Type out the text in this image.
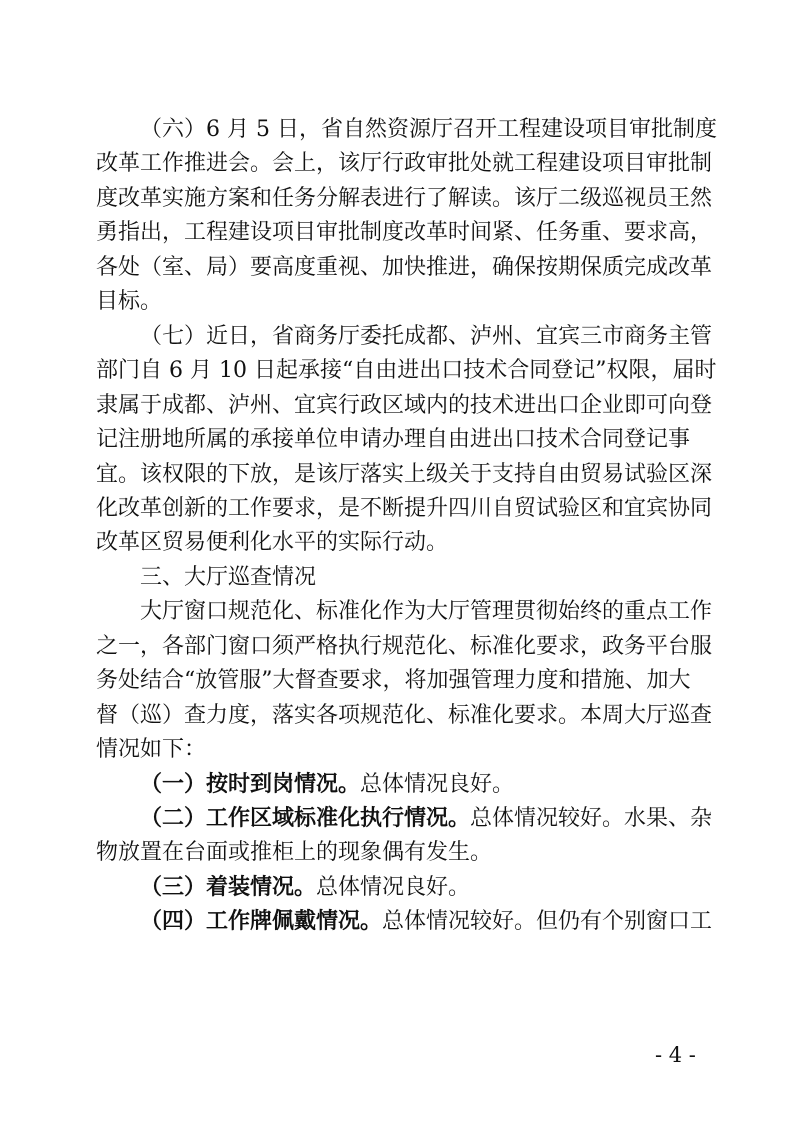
（六）6 月 5 日，省自然资源厅召开工程建设项目审批制度
改革工作推进会。会上，该厅行政审批处就工程建设项目审批制
度改革实施方案和任务分解表进行了解读。该厅二级巡视员王然
勇指出，工程建设项目审批制度改革时间紧、任务重、要求高，
各处（室、局）要高度重视、加快推进，确保按期保质完成改革
目标。
（七）近日，省商务厅委托成都、泸州、宜宾三市商务主管
部门自 6 月 10 日起承接“自由进出口技术合同登记”权限，届时
隶属于成都、泸州、宜宾行政区域内的技术进出口企业即可向登
记注册地所属的承接单位申请办理自由进出口技术合同登记事
宜。该权限的下放，是该厅落实上级关于支持自由贸易试验区深
化改革创新的工作要求，是不断提升四川自贸试验区和宜宾协同
改革区贸易便利化水平的实际行动。
三、大厅巡查情况
大厅窗口规范化、标准化作为大厅管理贯彻始终的重点工作
之一，各部门窗口须严格执行规范化、标准化要求，政务平台服
务处结合“放管服”大督查要求，将加强管理力度和措施、加大
督（巡）查力度，落实各项规范化、标准化要求。本周大厅巡查
情况如下：
（一）按时到岗情况。总体情况良好。
（二）工作区域标准化执行情况。总体情况较好。水果、杂
物放置在台面或推柜上的现象偶有发生。
（三）着装情况。总体情况良好。
（四）工作牌佩戴情况。总体情况较好。但仍有个别窗口工
- 4 -
